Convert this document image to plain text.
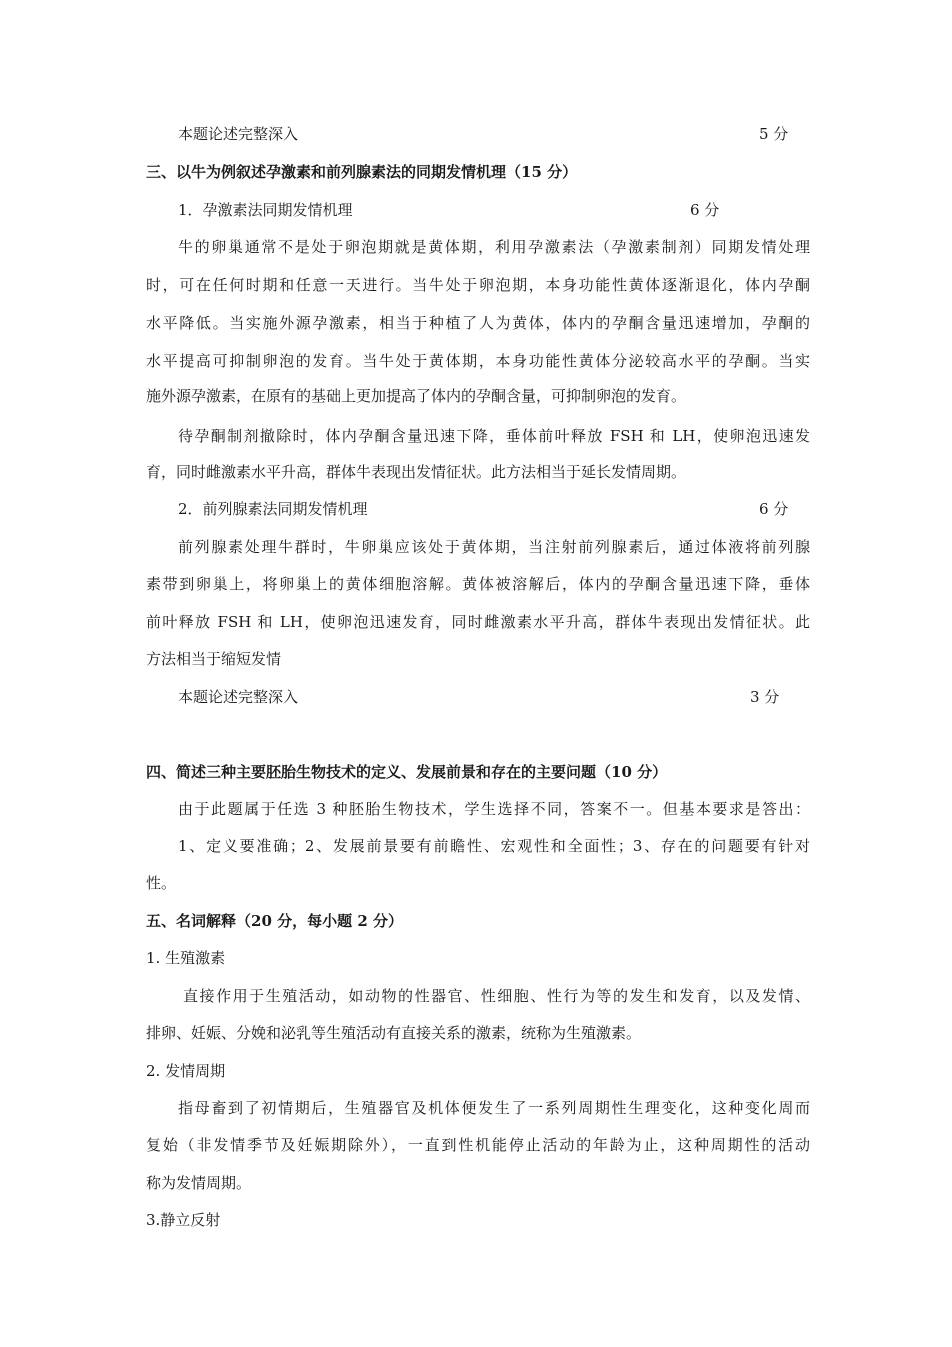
本题论述完整深入	5 分
三、以牛为例叙述孕激素和前列腺素法的同期发情机理（15 分）
1．孕激素法同期发情机理	6 分
牛的卵巢通常不是处于卵泡期就是黄体期，利用孕激素法（孕激素制剂）同期发情处理
时，可在任何时期和任意一天进行。当牛处于卵泡期，本身功能性黄体逐渐退化，体内孕酮
水平降低。当实施外源孕激素，相当于种植了人为黄体，体内的孕酮含量迅速增加，孕酮的
水平提高可抑制卵泡的发育。当牛处于黄体期，本身功能性黄体分泌较高水平的孕酮。当实
施外源孕激素，在原有的基础上更加提高了体内的孕酮含量，可抑制卵泡的发育。
待孕酮制剂撤除时，体内孕酮含量迅速下降，垂体前叶释放 FSH 和 LH，使卵泡迅速发
育，同时雌激素水平升高，群体牛表现出发情征状。此方法相当于延长发情周期。
2．前列腺素法同期发情机理	6 分
前列腺素处理牛群时，牛卵巢应该处于黄体期，当注射前列腺素后，通过体液将前列腺
素带到卵巢上，将卵巢上的黄体细胞溶解。黄体被溶解后，体内的孕酮含量迅速下降，垂体
前叶释放 FSH 和 LH，使卵泡迅速发育，同时雌激素水平升高，群体牛表现出发情征状。此
方法相当于缩短发情
本题论述完整深入	3 分
四、简述三种主要胚胎生物技术的定义、发展前景和存在的主要问题（10 分）
由于此题属于任选 3 种胚胎生物技术，学生选择不同，答案不一。但基本要求是答出：
1、定义要准确；2、发展前景要有前瞻性、宏观性和全面性；3、存在的问题要有针对
性。
五、名词解释（20 分，每小题 2 分）
1. 生殖激素
直接作用于生殖活动，如动物的性器官、性细胞、性行为等的发生和发育，以及发情、
排卵、妊娠、分娩和泌乳等生殖活动有直接关系的激素，统称为生殖激素。
2. 发情周期
指母畜到了初情期后，生殖器官及机体便发生了一系列周期性生理变化，这种变化周而
复始（非发情季节及妊娠期除外），一直到性机能停止活动的年龄为止，这种周期性的活动
称为发情周期。
3.静立反射
